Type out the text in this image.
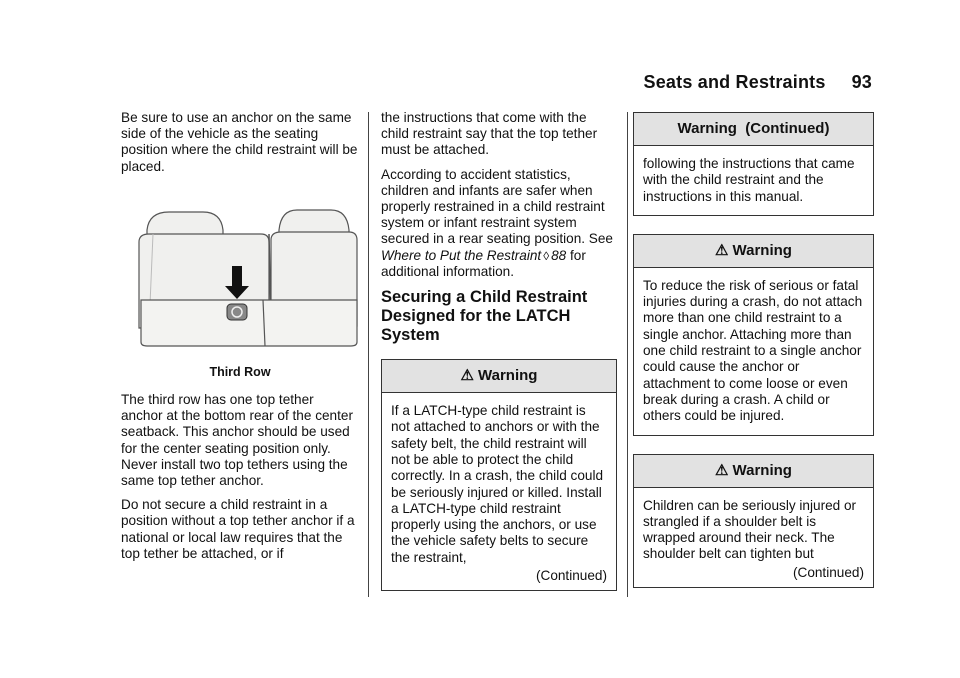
Seats and Restraints 93

Be sure to use an anchor on the same side of the vehicle as the seating position where the child restraint will be placed.

Third Row

The third row has one top tether anchor at the bottom rear of the center seatback. This anchor should be used for the center seating position only. Never install two top tethers using the same top tether anchor.

Do not secure a child restraint in a position without a top tether anchor if a national or local law requires that the top tether be attached, or if

the instructions that come with the child restraint say that the top tether must be attached.

According to accident statistics, children and infants are safer when properly restrained in a child restraint system or infant restraint system secured in a rear seating position. See Where to Put the Restraint ◊ 88 for additional information.

Securing a Child Restraint Designed for the LATCH System
⚠ Warning
If a LATCH-type child restraint is not attached to anchors or with the safety belt, the child restraint will not be able to protect the child correctly. In a crash, the child could be seriously injured or killed. Install a LATCH-type child restraint properly using the anchors, or use the vehicle safety belts to secure the restraint,
(Continued)
Warning  (Continued)
following the instructions that came with the child restraint and the instructions in this manual.
⚠ Warning
To reduce the risk of serious or fatal injuries during a crash, do not attach more than one child restraint to a single anchor. Attaching more than one child restraint to a single anchor could cause the anchor or attachment to come loose or even break during a crash. A child or others could be injured.
⚠ Warning
Children can be seriously injured or strangled if a shoulder belt is wrapped around their neck. The shoulder belt can tighten but
(Continued)
